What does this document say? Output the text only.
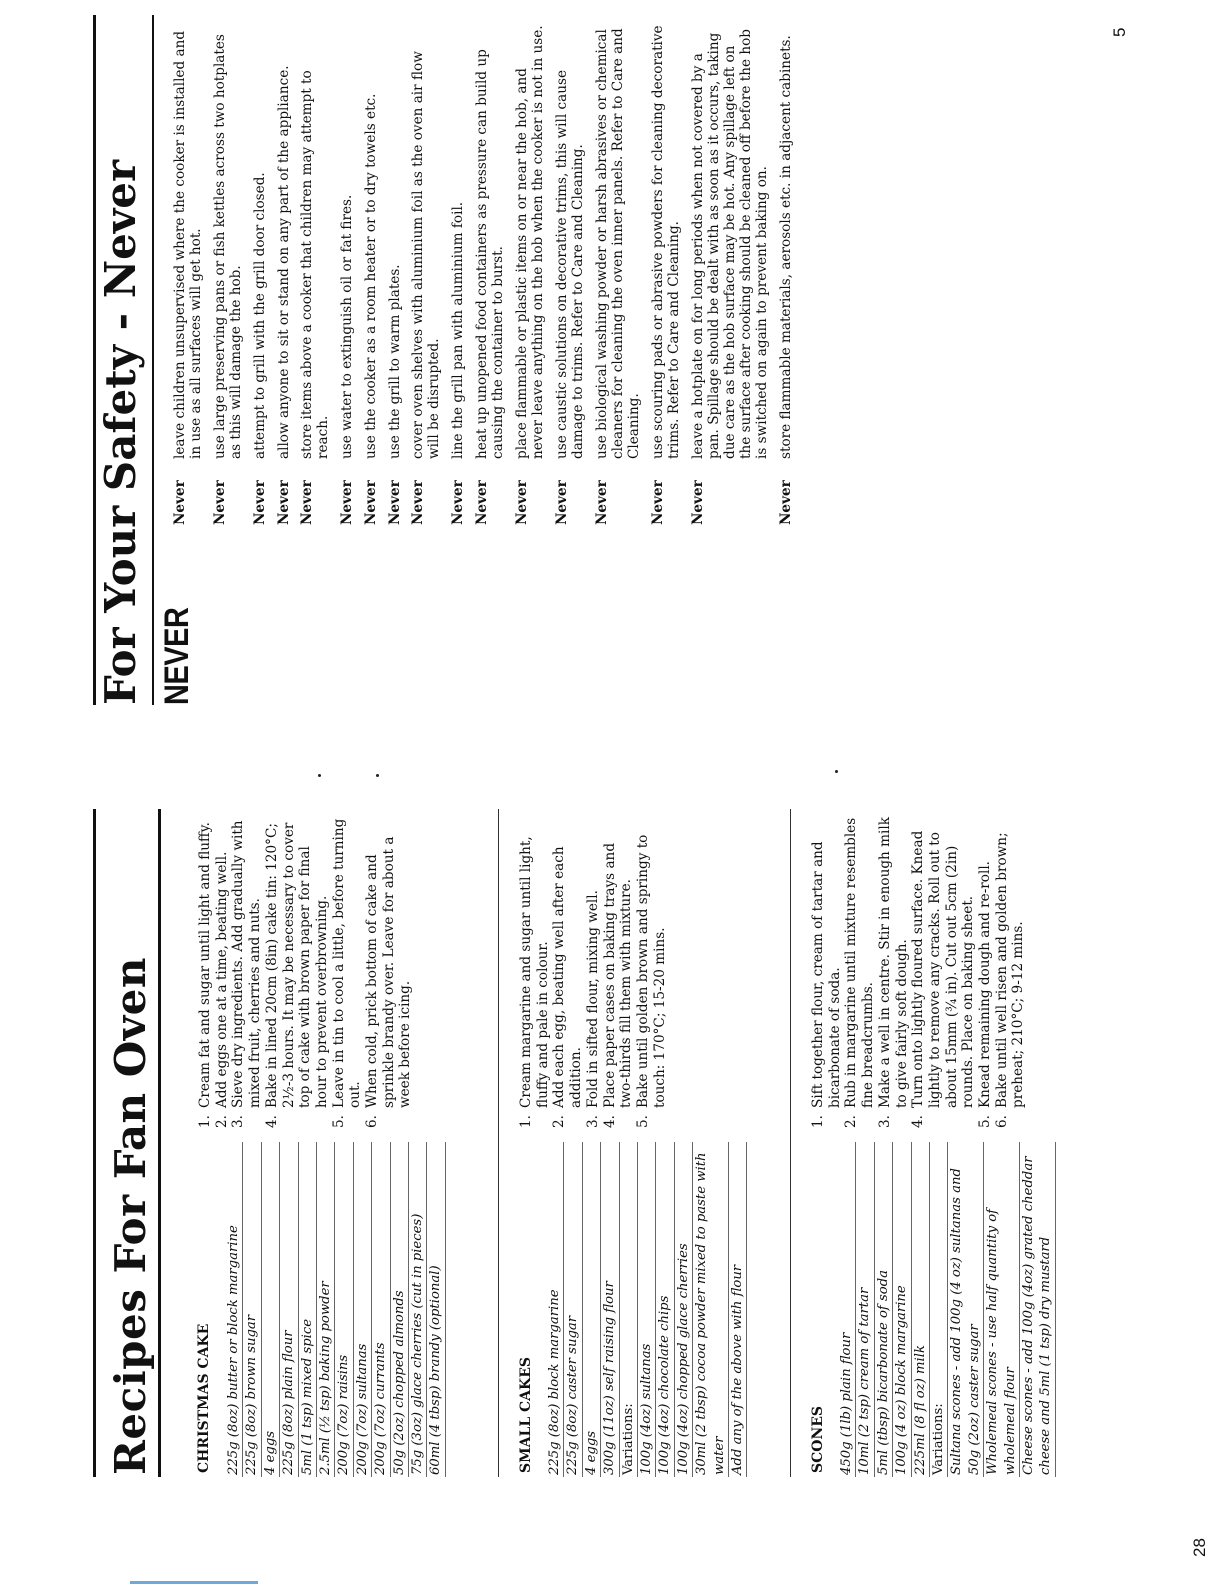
Recipes For Fan Oven	CHRISTMAS CAKE 225g (8oz) butter or block margarine 225g (8oz) brown sugar 4 eggs 225g (8oz) plain flour 5ml (1 tsp) mixed spice 2.5ml (½ tsp) baking powder 200g (7oz) raisins 200g (7oz) sultanas 200g (7oz) currants 50g (2oz) chopped almonds 75g (3oz) glace cherries (cut in pieces) 60ml (4 tbsp) brandy (optional)
1.
Cream fat and sugar until light and fluffy.
2.
Add eggs one at a time, beating well.
3.
Sieve dry ingredients. Add gradually with mixed fruit, cherries and nuts.
4.
Bake in lined 20cm (8in) cake tin: 120°C; 2½-3 hours. It may be necessary to cover top of cake with brown paper for final hour to prevent overbrowning.
5.
Leave in tin to cool a little, before turning out.
6.
When cold, prick bottom of cake and sprinkle brandy over. Leave for about a week before icing.
SMALL CAKES 225g (8oz) block margarine 225g (8oz) caster sugar 4 eggs 300g (11oz) self raising flour Variations: 100g (4oz) sultanas 100g (4oz) chocolate chips 100g (4oz) chopped glace cherries 30ml (2 tbsp) cocoa powder mixed to paste with water Add any of the above with flour
1.
Cream margarine and sugar until light, fluffy and pale in colour.
2.
Add each egg, beating well after each addition.
3.
Fold in sifted flour, mixing well.
4.
Place paper cases on baking trays and two-thirds fill them with mixture.
5.
Bake until golden brown and springy to touch: 170°C; 15-20 mins.
SCONES 450g (1lb) plain flour 10ml (2 tsp) cream of tartar 5ml (tbsp) bicarbonate of soda 100g (4 oz) block margarine 225ml (8 fl oz) milk Variations: Sultana scones - add 100g (4 oz) sultanas and 50g (2oz) caster sugar Wholemeal scones - use half quantity of wholemeal flour Cheese scones - add 100g (4oz) grated cheddar cheese and 5ml (1 tsp) dry mustard
1.
Sift together flour, cream of tartar and bicarbonate of soda.
2.
Rub in margarine until mixture resembles fine breadcrumbs.
3.
Make a well in centre. Stir in enough milk to give fairly soft dough.
4.
Turn onto lightly floured surface. Knead lightly to remove any cracks. Roll out to about 15mm (¾ in). Cut out 5cm (2in) rounds. Place on baking sheet.
5.
Knead remaining dough and re-roll.
6.
Bake until well risen and golden brown; preheat; 210°C; 9-12 mins.
28
For Your Safety - Never NEVER
Never
leave children unsupervised where the cooker is installed and in use as all surfaces will get hot.
Never
use large preserving pans or fish kettles across two hotplates as this will damage the hob.
Never
attempt to grill with the grill door closed.
Never
allow anyone to sit or stand on any part of the appliance.
Never
store items above a cooker that children may attempt to reach.
Never
use water to extinguish oil or fat fires.
Never
use the cooker as a room heater or to dry towels etc.
Never
use the grill to warm plates.
Never
cover oven shelves with aluminium foil as the oven air flow will be disrupted.
Never
line the grill pan with aluminium foil.
Never
heat up unopened food containers as pressure can build up causing the container to burst.
Never
place flammable or plastic items on or near the hob, and never leave anything on the hob when the cooker is not in use.
Never
use caustic solutions on decorative trims, this will cause damage to trims. Refer to Care and Cleaning.
Never
use biological washing powder or harsh abrasives or chemical cleaners for cleaning the oven inner panels. Refer to Care and Cleaning.
Never
use scouring pads or abrasive powders for cleaning decorative trims. Refer to Care and Cleaning.
Never
leave a hotplate on for long periods when not covered by a pan. Spillage should be dealt with as soon as it occurs, taking due care as the hob surface may be hot. Any spillage left on the surface after cooking should be cleaned off before the hob is switched on again to prevent baking on.
Never
store flammable materials, aerosols etc. in adjacent cabinets.
5
